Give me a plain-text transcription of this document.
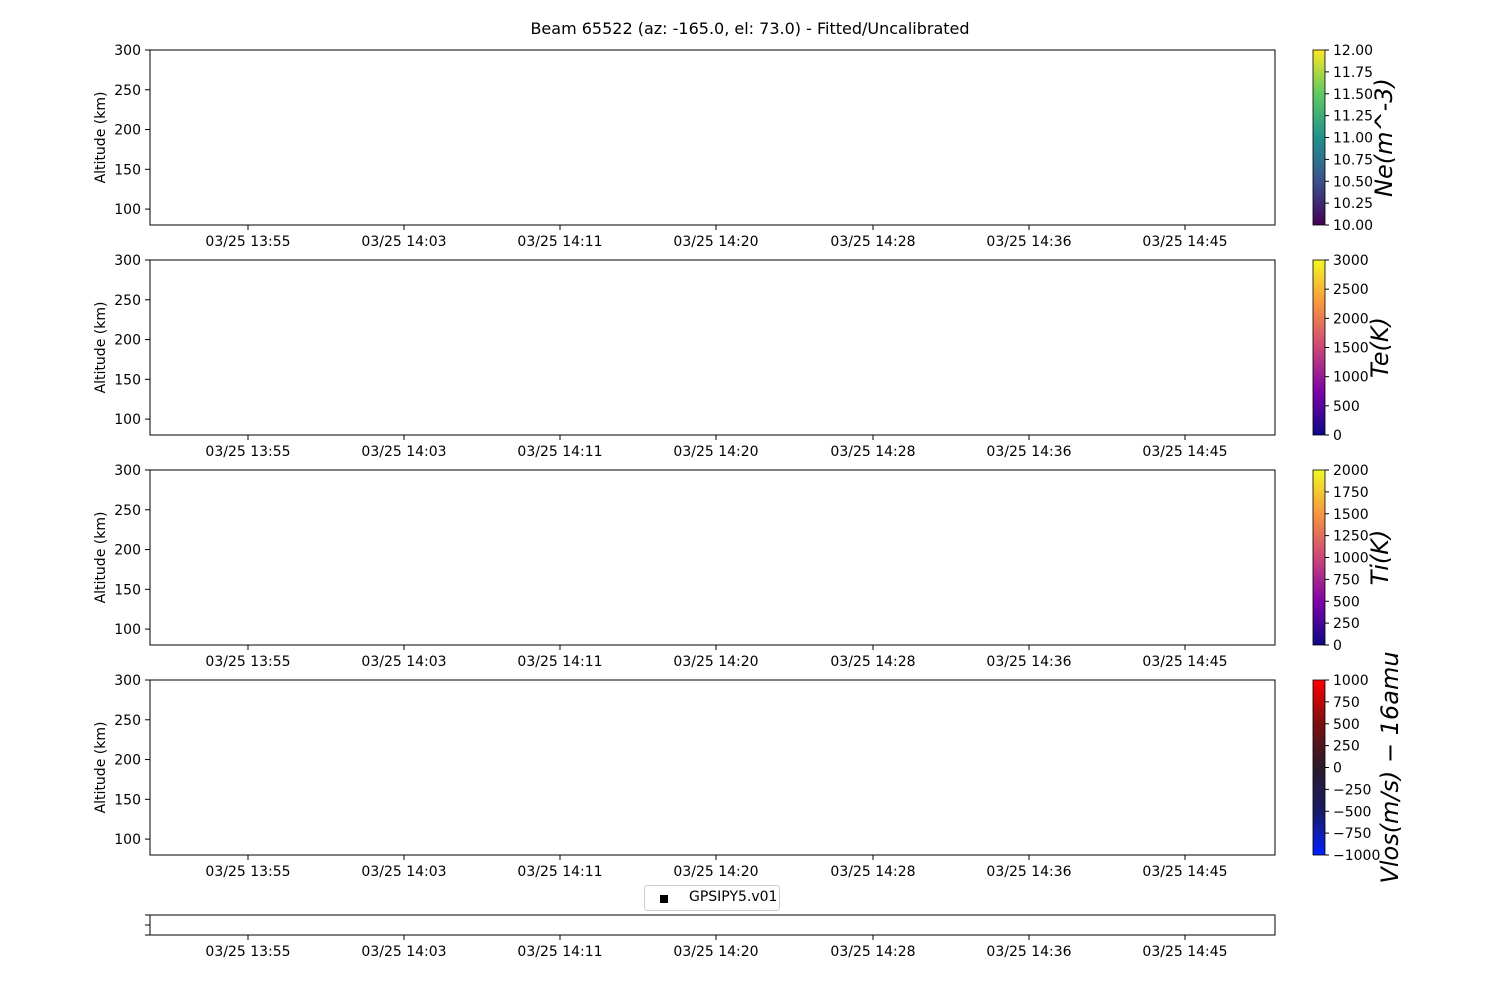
Beam 65522 (az: -165.0, el: 73.0) - Fitted/Uncalibrated
100
150
200
250
300
03/25 13:55	03/25 14:03	03/25 14:11	03/25 14:20	03/25 14:28	03/25 14:36	03/25 14:45
Altitude (km)
12.00
11.75
11.50
11.25
11.00
10.75
10.50
10.25
10.00
Ne(m^-3)
100
150
200
250
300
03/25 13:55	03/25 14:03	03/25 14:11	03/25 14:20	03/25 14:28	03/25 14:36	03/25 14:45
Altitude (km)
3000
2500
2000
1500
1000
500
0
Te(K)
100
150
200
250
300
03/25 13:55	03/25 14:03	03/25 14:11	03/25 14:20	03/25 14:28	03/25 14:36	03/25 14:45
Altitude (km)
2000
1750
1500
1250
1000
750
500
250
0
Ti(K)
100
150
200
250
300
03/25 13:55	03/25 14:03	03/25 14:11	03/25 14:20	03/25 14:28	03/25 14:36	03/25 14:45
Altitude (km)
1000
750
500
250
0
−250
−500
−750
−1000
Vlos(m/s) − 16amu
03/25 13:55	03/25 14:03	03/25 14:11	03/25 14:20	03/25 14:28	03/25 14:36	03/25 14:45
GPSIPY5.v01
